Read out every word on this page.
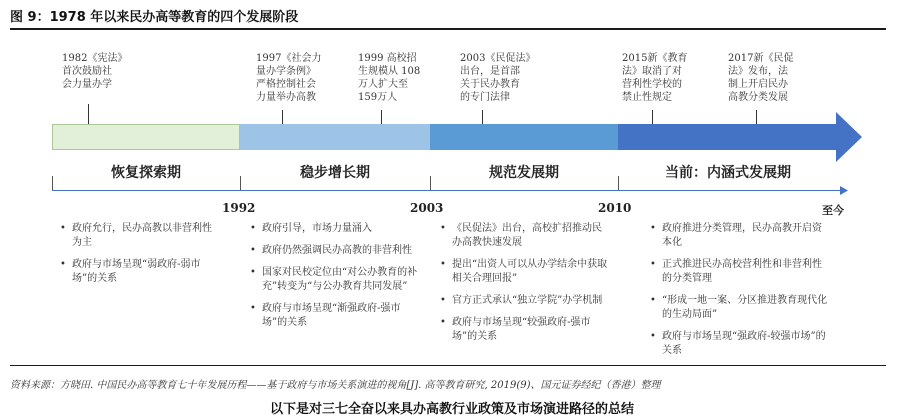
图 9：1978 年以来民办高等教育的四个发展阶段
1982《宪法》
首次鼓励社
会力量办学
1997《社会力
量办学条例》
严格控制社会
力量举办高教
1999 高校招
生规模从 108
万人扩大至
159万人
2003《民促法》
出台，是首部
关于民办教育
的专门法律
2015新《教育
法》取消了对
营利性学校的
禁止性规定
2017新《民促
法》发布，法
制上开启民办
高教分类发展
恢复探索期	稳步增长期	规范发展期	当前：内涵式发展期
1992	2003	2010	至今
• 政府允行，民办高教以非营利性为主
• 政府与市场呈现“弱政府-弱市场”的关系
• 政府引导，市场力量涌入
• 政府仍然强调民办高教的非营利性
• 国家对民校定位由“对公办教育的补充”转变为“与公办教育共同发展”
• 政府与市场呈现“渐强政府-强市场”的关系
• 《民促法》出台，高校扩招推动民办高教快速发展
• 提出“出资人可以从办学结余中获取相关合理回报”
• 官方正式承认“独立学院”办学机制
• 政府与市场呈现“较强政府-强市场”的关系
• 政府推进分类管理，民办高教开启资本化
• 正式推进民办高校营利性和非营利性的分类管理
• “形成一地一案、分区推进教育现代化的生动局面”
• 政府与市场呈现“强政府-较强市场”的关系
资料来源：方晓田. 中国民办高等教育七十年发展历程——基于政府与市场关系演进的视角[J]. 高等教育研究, 2019(9)、国元证券经纪（香港）整理
以下是对三七全奋以来具办高教行业政策及市场演进路径的总结
